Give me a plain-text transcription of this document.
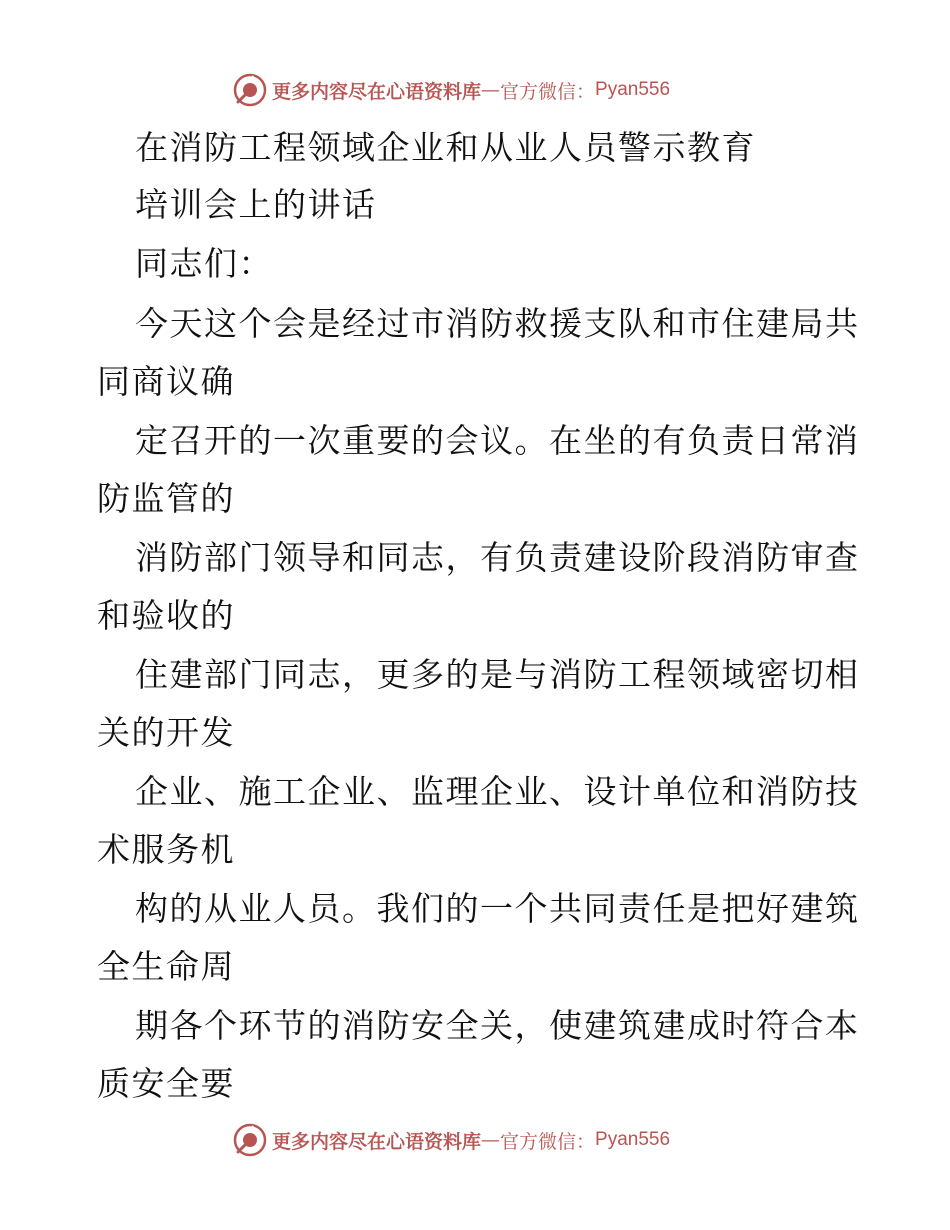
更多内容尽在心语资料库 — 官方微信： Pyan556
在消防工程领域企业和从业人员警示教育
培训会上的讲话
同志们：
今天这个会是经过市消防救援支队和市住建局共
同商议确
定召开的一次重要的会议。在坐的有负责日常消
防监管的
消防部门领导和同志，有负责建设阶段消防审查
和验收的
住建部门同志，更多的是与消防工程领域密切相
关的开发
企业、施工企业、监理企业、设计单位和消防技
术服务机
构的从业人员。我们的一个共同责任是把好建筑
全生命周
期各个环节的消防安全关，使建筑建成时符合本
质安全要
更多内容尽在心语资料库 — 官方微信： Pyan556
